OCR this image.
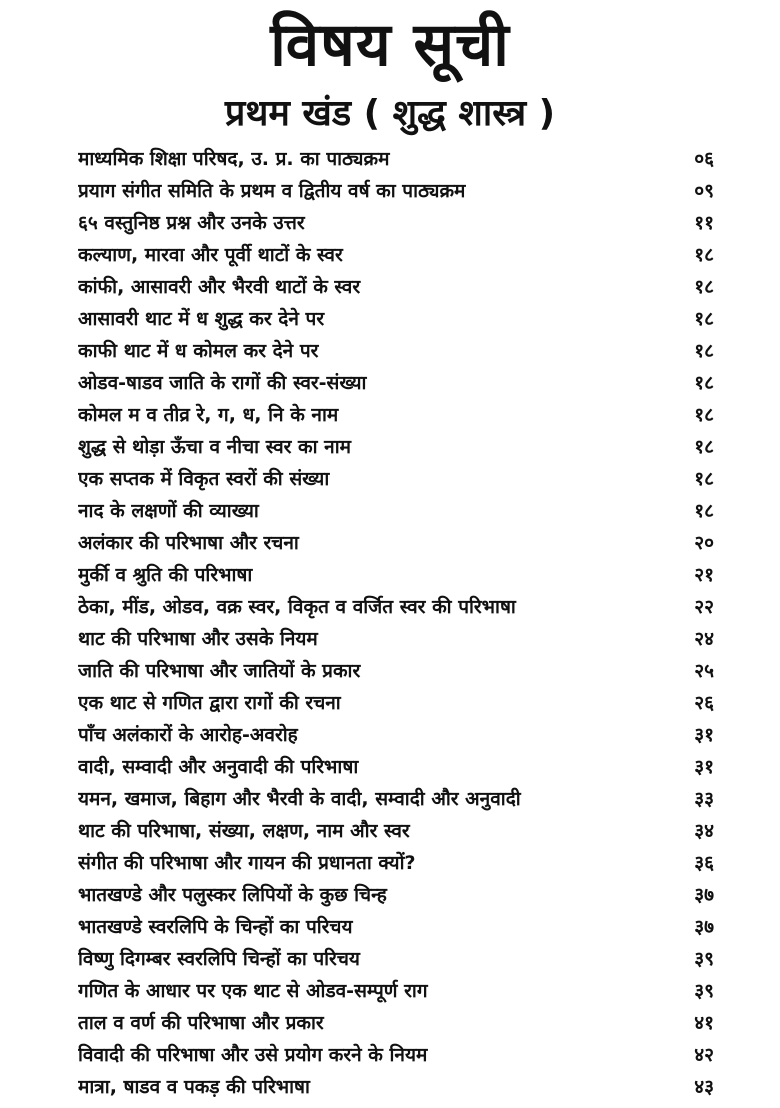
विषय सूची
प्रथम खंड ( शुद्ध शास्त्र )
माध्यमिक शिक्षा परिषद, उ. प्र. का पाठ्यक्रम	०६
प्रयाग संगीत समिति के प्रथम व द्वितीय वर्ष का पाठ्यक्रम	०९
६५ वस्तुनिष्ठ प्रश्न और उनके उत्तर	११
कल्याण, मारवा और पूर्वी थाटों के स्वर	१८
कांफी, आसावरी और भैरवी थाटों के स्वर	१८
आसावरी थाट में ध शुद्ध कर देने पर	१८
काफी थाट में ध कोमल कर देने पर	१८
ओडव-षाडव जाति के रागों की स्वर-संख्या	१८
कोमल म व तीव्र रे, ग, ध, नि के नाम	१८
शुद्ध से थोड़ा ऊँचा व नीचा स्वर का नाम	१८
एक सप्तक में विकृत स्वरों की संख्या	१८
नाद के लक्षणों की व्याख्या	१८
अलंकार की परिभाषा और रचना	२०
मुर्की व श्रुति की परिभाषा	२१
ठेका, मींड, ओडव, वक्र स्वर, विकृत व वर्जित स्वर की परिभाषा	२२
थाट की परिभाषा और उसके नियम	२४
जाति की परिभाषा और जातियों के प्रकार	२५
एक थाट से गणित द्वारा रागों की रचना	२६
पाँच अलंकारों के आरोह-अवरोह	३१
वादी, सम्वादी और अनुवादी की परिभाषा	३१
यमन, खमाज, बिहाग और भैरवी के वादी, सम्वादी और अनुवादी	३३
थाट की परिभाषा, संख्या, लक्षण, नाम और स्वर	३४
संगीत की परिभाषा और गायन की प्रधानता क्यों?	३६
भातखण्डे और पलुस्कर लिपियों के कुछ चिन्ह	३७
भातखण्डे स्वरलिपि के चिन्हों का परिचय	३७
विष्णु दिगम्बर स्वरलिपि चिन्हों का परिचय	३९
गणित के आधार पर एक थाट से ओडव-सम्पूर्ण राग	३९
ताल व वर्ण की परिभाषा और प्रकार	४१
विवादी की परिभाषा और उसे प्रयोग करने के नियम	४२
मात्रा, षाडव व पकड़ की परिभाषा	४३
